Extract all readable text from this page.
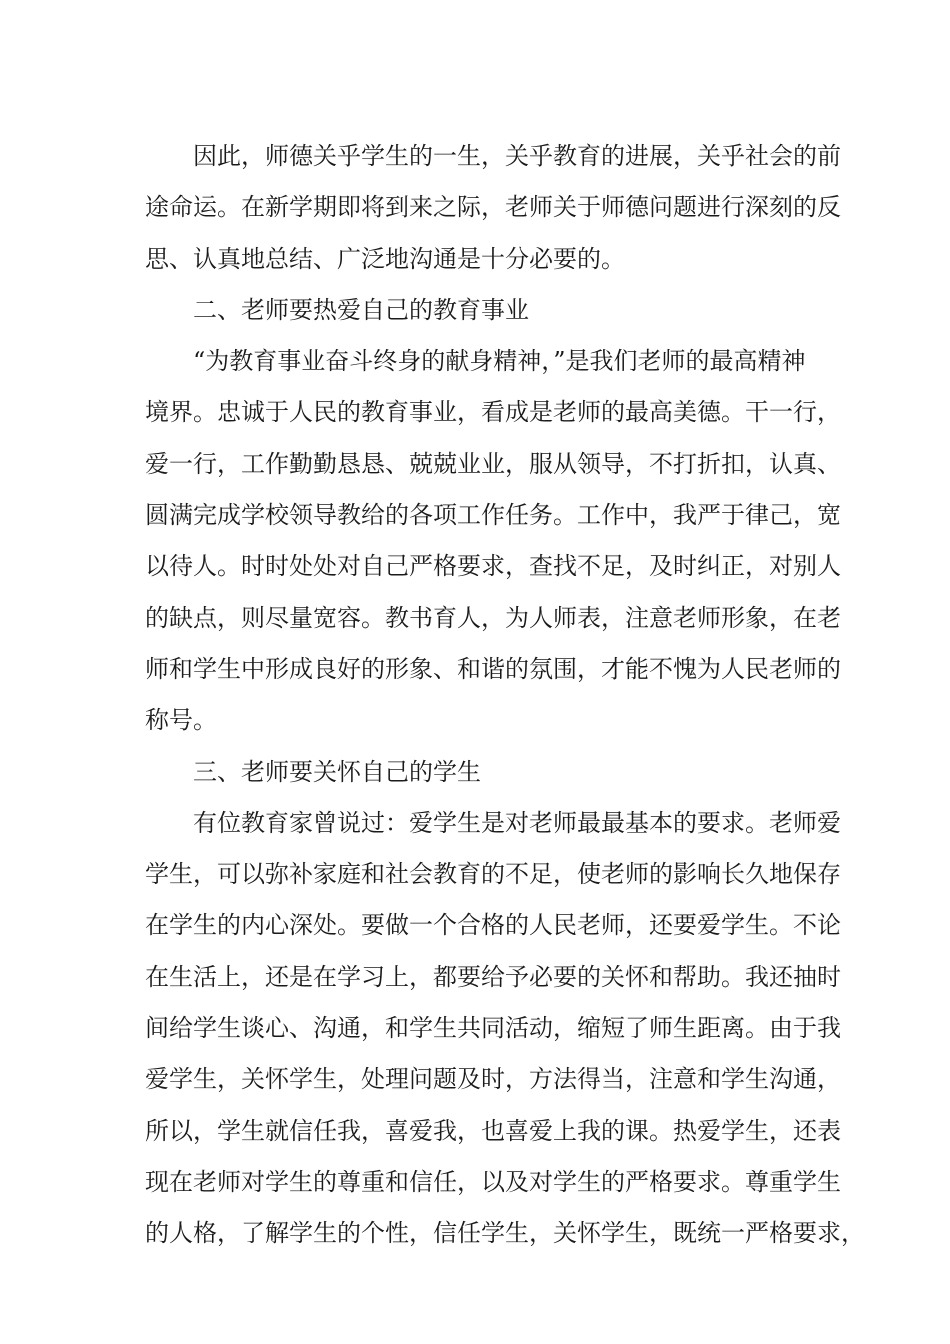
因此，师德关乎学生的一生，关乎教育的进展，关乎社会的前
途命运。在新学期即将到来之际，老师关于师德问题进行深刻的反
思、认真地总结、广泛地沟通是十分必要的。
二、老师要热爱自己的教育事业
“为教育事业奋斗终身的献身精神，”是我们老师的最高精神
境界。忠诚于人民的教育事业，看成是老师的最高美德。干一行，
爱一行，工作勤勤恳恳、兢兢业业，服从领导，不打折扣，认真、
圆满完成学校领导教给的各项工作任务。工作中，我严于律己，宽
以待人。时时处处对自己严格要求，查找不足，及时纠正，对别人
的缺点，则尽量宽容。教书育人，为人师表，注意老师形象，在老
师和学生中形成良好的形象、和谐的氛围，才能不愧为人民老师的
称号。
三、老师要关怀自己的学生
有位教育家曾说过：爱学生是对老师最最基本的要求。老师爱
学生，可以弥补家庭和社会教育的不足，使老师的影响长久地保存
在学生的内心深处。要做一个合格的人民老师，还要爱学生。不论
在生活上，还是在学习上，都要给予必要的关怀和帮助。我还抽时
间给学生谈心、沟通，和学生共同活动，缩短了师生距离。由于我
爱学生，关怀学生，处理问题及时，方法得当，注意和学生沟通，
所以，学生就信任我，喜爱我，也喜爱上我的课。热爱学生，还表
现在老师对学生的尊重和信任，以及对学生的严格要求。尊重学生
的人格，了解学生的个性，信任学生，关怀学生，既统一严格要求，
